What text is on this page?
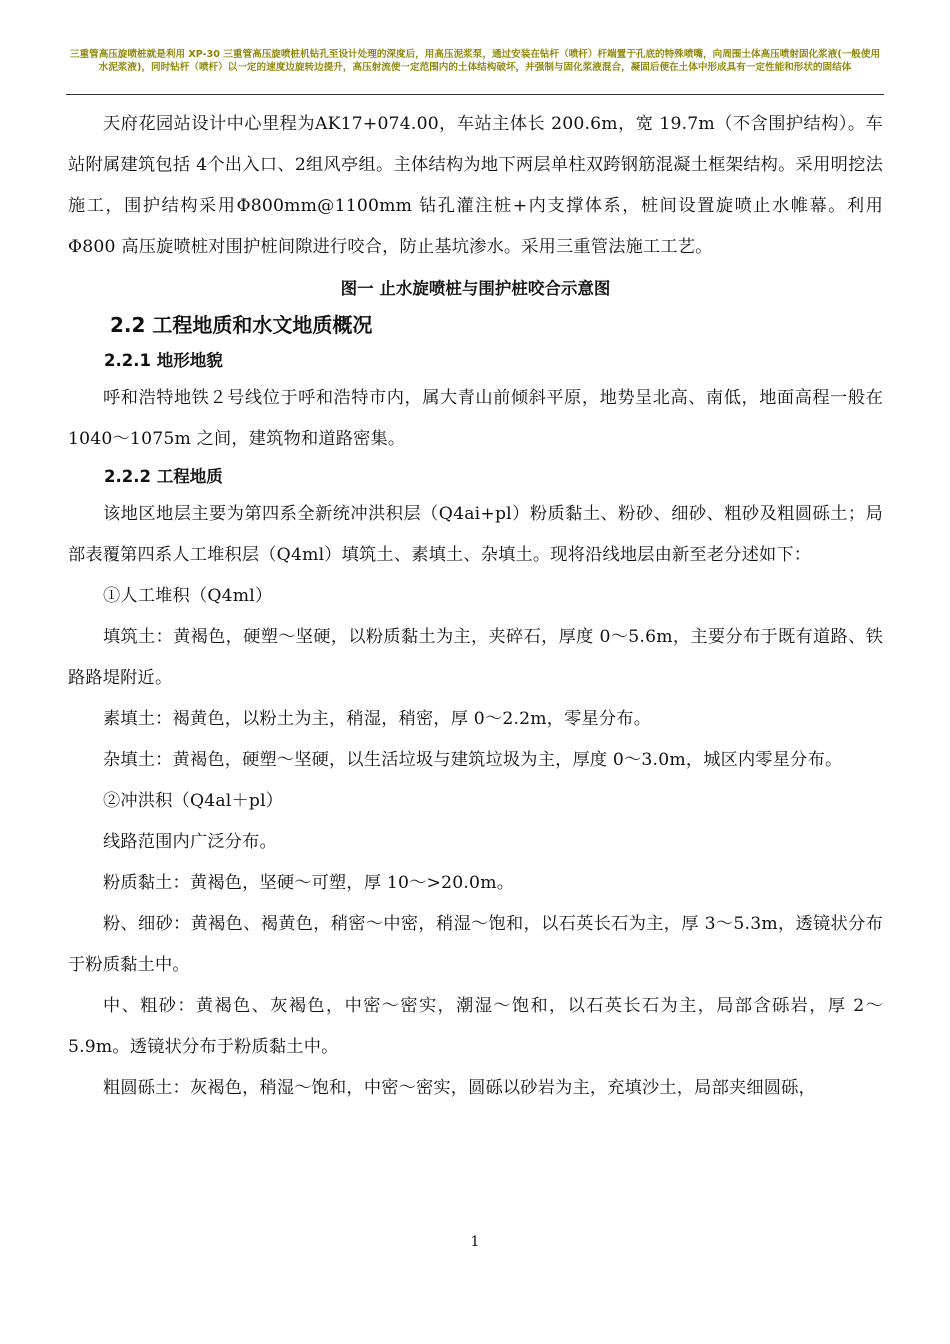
三重管高压旋喷桩就是利用 XP-30 三重管高压旋喷桩机钻孔至设计处理的深度后，用高压泥浆泵，通过安装在钻杆（喷杆）杆端置于孔底的特殊喷嘴，向周围土体高压喷射固化浆液(一般使用水泥浆液)，同时钻杆（喷杆）以一定的速度边旋转边提升，高压射流使一定范围内的土体结构破坏，并强制与固化浆液混合，凝固后便在土体中形成具有一定性能和形状的固结体

天府花园站设计中心里程为AK17+074.00，车站主体长 200.6m，宽 19.7m（不含围护结构）。车站附属建筑包括 4个出入口、2组风亭组。主体结构为地下两层单柱双跨钢筋混凝土框架结构。采用明挖法施工，围护结构采用Φ800mm@1100mm 钻孔灌注桩+内支撑体系，桩间设置旋喷止水帷幕。利用Φ800 高压旋喷桩对围护桩间隙进行咬合，防止基坑渗水。采用三重管法施工工艺。

图一 止水旋喷桩与围护桩咬合示意图
2.2 工程地质和水文地质概况
2.2.1 地形地貌

呼和浩特地铁２号线位于呼和浩特市内，属大青山前倾斜平原，地势呈北高、南低，地面高程一般在 1040～1075m 之间，建筑物和道路密集。

2.2.2 工程地质

该地区地层主要为第四系全新统冲洪积层（Q4ai+pl）粉质黏土、粉砂、细砂、粗砂及粗圆砾土；局部表覆第四系人工堆积层（Q4ml）填筑土、素填土、杂填土。现将沿线地层由新至老分述如下：

①人工堆积（Q4ml）

填筑土：黄褐色，硬塑～坚硬，以粉质黏土为主，夹碎石，厚度 0～5.6m，主要分布于既有道路、铁路路堤附近。

素填土：褐黄色，以粉土为主，稍湿，稍密，厚 0～2.2m，零星分布。

杂填土：黄褐色，硬塑～坚硬，以生活垃圾与建筑垃圾为主，厚度 0～3.0m，城区内零星分布。

②冲洪积（Q4al＋pl）

线路范围内广泛分布。

粉质黏土：黄褐色，坚硬～可塑，厚 10～>20.0m。

粉、细砂：黄褐色、褐黄色，稍密～中密，稍湿～饱和，以石英长石为主，厚 3～5.3m，透镜状分布于粉质黏土中。

中、粗砂：黄褐色、灰褐色，中密～密实，潮湿～饱和，以石英长石为主，局部含砾岩，厚 2～5.9m。透镜状分布于粉质黏土中。

粗圆砾土：灰褐色，稍湿～饱和，中密～密实，圆砾以砂岩为主，充填沙土，局部夹细圆砾，

1
